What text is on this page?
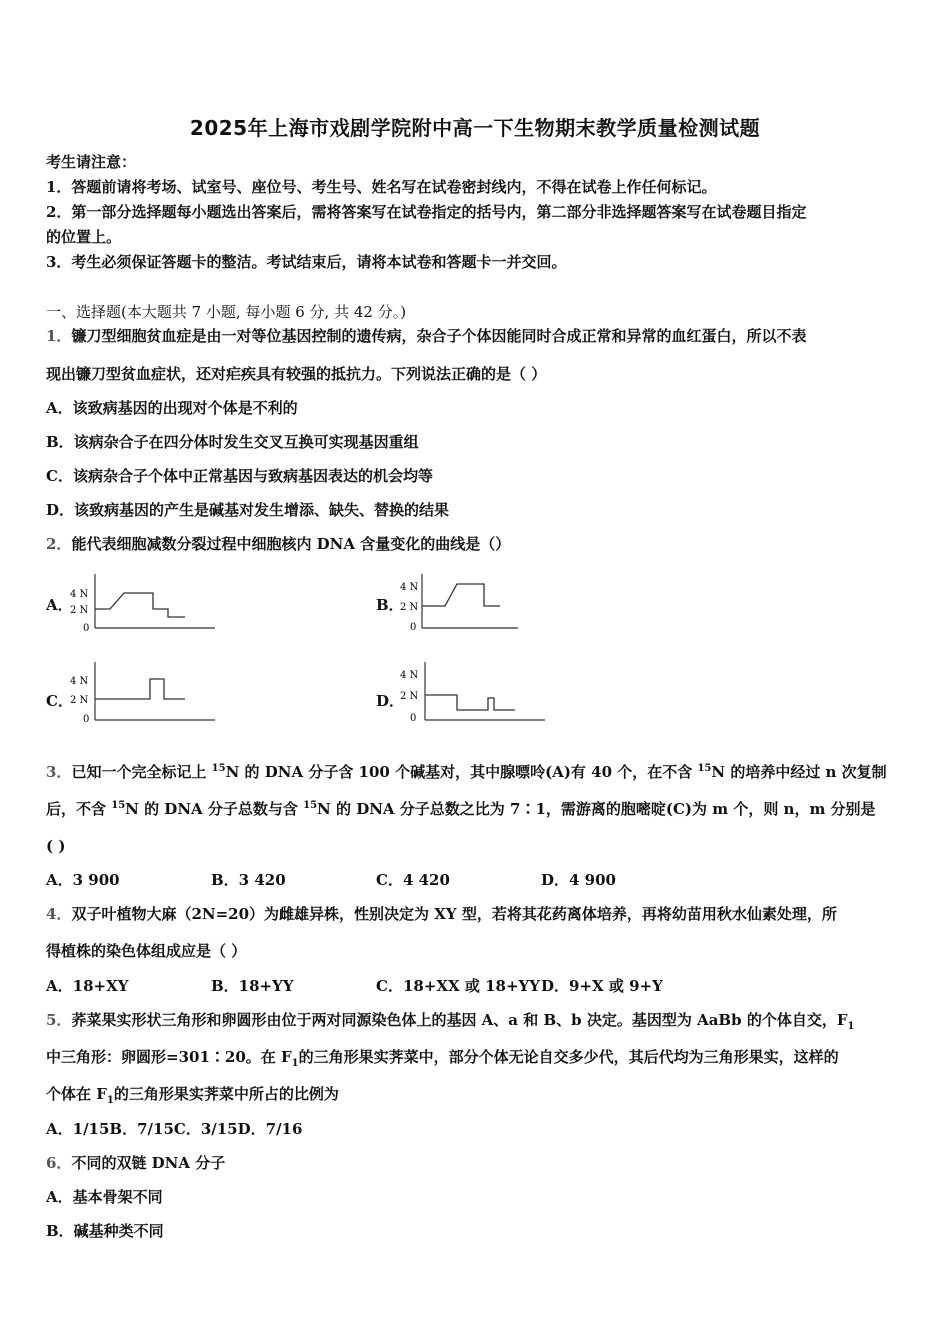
2025年上海市戏剧学院附中高一下生物期末教学质量检测试题
考生请注意：
1．答题前请将考场、试室号、座位号、考生号、姓名写在试卷密封线内，不得在试卷上作任何标记。
2．第一部分选择题每小题选出答案后，需将答案写在试卷指定的括号内，第二部分非选择题答案写在试卷题目指定
的位置上。
3．考生必须保证答题卡的整洁。考试结束后，请将本试卷和答题卡一并交回。
一、选择题(本大题共 7 小题, 每小题 6 分, 共 42 分。)
1．镰刀型细胞贫血症是由一对等位基因控制的遗传病，杂合子个体因能同时合成正常和异常的血红蛋白，所以不表
现出镰刀型贫血症状，还对疟疾具有较强的抵抗力。下列说法正确的是（ ）
A．该致病基因的出现对个体是不利的
B．该病杂合子在四分体时发生交叉互换可实现基因重组
C．该病杂合子个体中正常基因与致病基因表达的机会均等
D．该致病基因的产生是碱基对发生增添、缺失、替换的结果
2．能代表细胞减数分裂过程中细胞核内 DNA 含量变化的曲线是（）
A．
4 N
2 N
0
B．
4 N
2 N
0
C．
4 N
2 N
0
D．
4 N
2 N
0
3．已知一个完全标记上 $^{15}$N 的 DNA 分子含 100 个碱基对，其中腺嘌呤(A)有 40 个，在不含 $^{15}$N 的培养中经过 n 次复制
后，不含 $^{15}$N 的 DNA 分子总数与含 $^{15}$N 的 DNA 分子总数之比为 7∶1，需游离的胞嘧啶(C)为 m 个，则 n，m 分别是
( )
A．3 900	B．3 420	C．4 420	D．4 900
4．双子叶植物大麻（2N=20）为雌雄异株，性别决定为 XY 型，若将其花药离体培养，再将幼苗用秋水仙素处理，所
得植株的染色体组成应是（ ）
A．18+XY	B．18+YY	C．18+XX 或 18+YY D．9+X 或 9+Y
5．荞菜果实形状三角形和卵圆形由位于两对同源染色体上的基因 A、a 和 B、b 决定。基因型为 AaBb 的个体自交，$F_1$
中三角形：卵圆形=301∶20。在 $F_1$的三角形果实荠菜中，部分个体无论自交多少代，其后代均为三角形果实，这样的
个体在 $F_1$的三角形果实荠菜中所占的比例为
A．1/15B．7/15C．3/15D．7/16
6．不同的双链 DNA 分子
A．基本骨架不同
B．碱基种类不同
